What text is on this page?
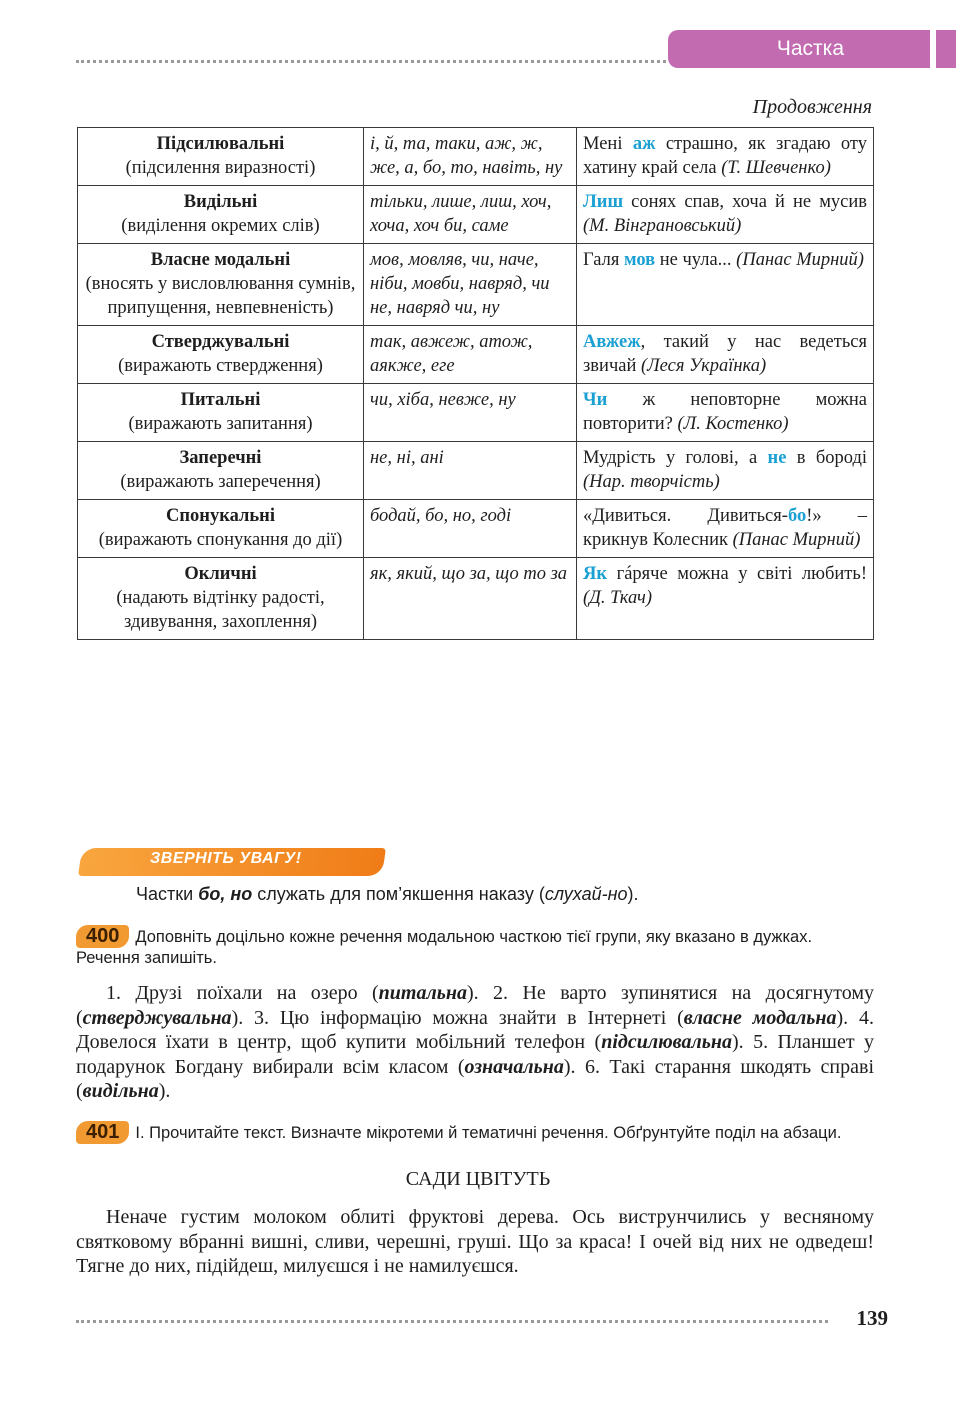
Частка
Продовження
Підсилювальні
(підсилення виразності)	і, й, та, таки, аж, ж, же, а, бо, то, навіть, ну	Мені аж страшно, як згадаю оту хатину край села (Т. Шевченко)

Видільні
(виділення окремих слів)	тільки, лише, лиш, хоч, хоча, хоч би, саме	Лиш сонях спав, хоча й не мусив (М. Вінграновський)

Власне модальні
(вносять у висловлювання сумнів, припущення, невпевненість)	мов, мовляв, чи, наче, ніби, мовби, навряд, чи не, навряд чи, ну	Галя мов не чула... (Панас Мирний)

Стверджувальні
(виражають ствердження)	так, авжеж, атож, аякже, еге	Авжеж, такий у нас ведеться звичай (Леся Українка)

Питальні
(виражають запитання)	чи, хіба, невже, ну	Чи ж неповторне можна повторити? (Л. Костенко)

Заперечні
(виражають заперечення)	не, ні, ані	Мудрість у голові, а не в бороді (Нар. творчість)

Спонукальні
(виражають спонукання до дії)	бодай, бо, но, годі	«Дивиться. Дивиться-бо!» – крикнув Колесник (Панас Мирний)

Окличні
(надають відтінку радості, здивування, захоплення)	як, який, що за, що то за	Як гáряче можна у світі любить! (Д. Ткач)
ЗВЕРНІТЬ УВАГУ!
Частки бо, но служать для пом’якшення наказу (слухай-но).
400 Доповніть доцільно кожне речення модальною часткою тієї групи, яку вказано в дужках. Речення запишіть.
1. Друзі поїхали на озеро (питальна). 2. Не варто зупинятися на досягнутому (стверджувальна). 3. Цю інформацію можна знайти в Інтернеті (власне модальна). 4. Довелося їхати в центр, щоб купити мобільний телефон (підсилювальна). 5. Планшет у подарунок Богдану вибирали всім класом (означальна). 6. Такі старання шкодять справі (видільна).
401 І. Прочитайте текст. Визначте мікротеми й тематичні речення. Обґрунтуйте поділ на абзаци.
САДИ ЦВІТУТЬ
Неначе густим молоком облиті фруктові дерева. Ось виструнчились у весняному святковому вбранні вишні, сливи, черешні, груші. Що за краса! І очей від них не одведеш! Тягне до них, підійдеш, милуєшся і не намилуєшся.
139
